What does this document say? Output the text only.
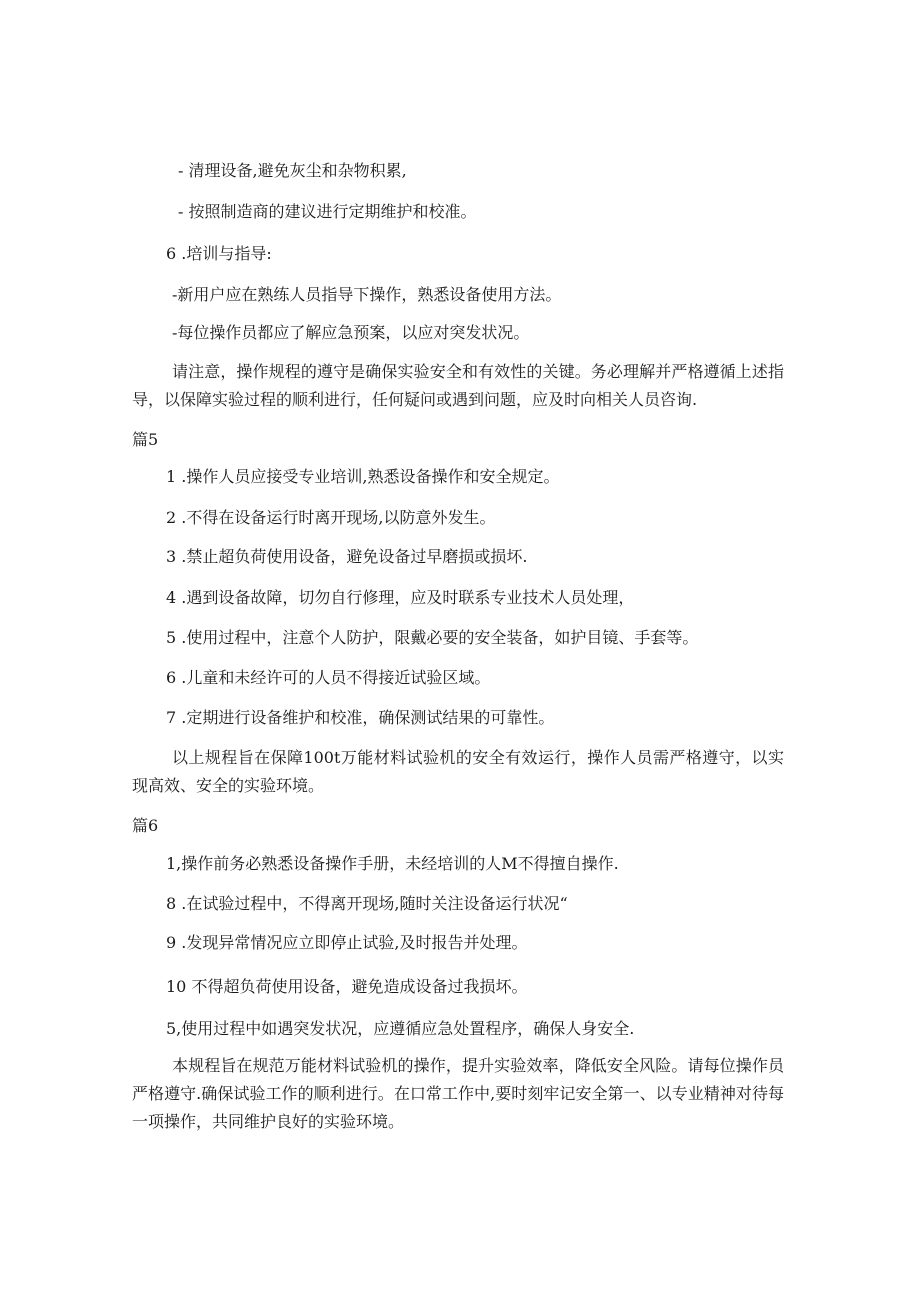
- 清理设备,避免灰尘和杂物积累,
- 按照制造商的建议进行定期维护和校准。
6 .培训与指导:
-新用户应在熟练人员指导下操作，熟悉设备使用方法。
-每位操作员都应了解应急预案，以应对突发状况。
请注意，操作规程的遵守是确保实验安全和有效性的关键。务必理解并严格遵循上述指导，以保障实验过程的顺利进行，任何疑问或遇到问题，应及时向相关人员咨询.
篇5
1 .操作人员应接受专业培训,熟悉设备操作和安全规定。
2 .不得在设备运行时离开现场,以防意外发生。
3 .禁止超负荷使用设备，避免设备过早磨损或损坏.
4 .遇到设备故障，切勿自行修理，应及时联系专业技术人员处理，
5 .使用过程中，注意个人防护，限戴必要的安全装备，如护目镜、手套等。
6 .儿童和未经许可的人员不得接近试验区域。
7 .定期进行设备维护和校准，确保测试结果的可靠性。
以上规程旨在保障100t万能材料试验机的安全有效运行，操作人员需严格遵守，以实现高效、安全的实验环境。
篇6
1,操作前务必熟悉设备操作手册，未经培训的人M不得擅自操作.
8 .在试验过程中，不得离开现场,随时关注设备运行状况“
9 .发现异常情况应立即停止试验,及时报告并处理。
10 不得超负荷使用设备，避免造成设备过我损坏。
5,使用过程中如遇突发状况，应遵循应急处置程序，确保人身安全.
本规程旨在规范万能材料试验机的操作，提升实验效率，降低安全风险。请每位操作员严格遵守.确保试验工作的顺利进行。在口常工作中,要时刻牢记安全第一、以专业精神对待每一项操作，共同维护良好的实验环境。
